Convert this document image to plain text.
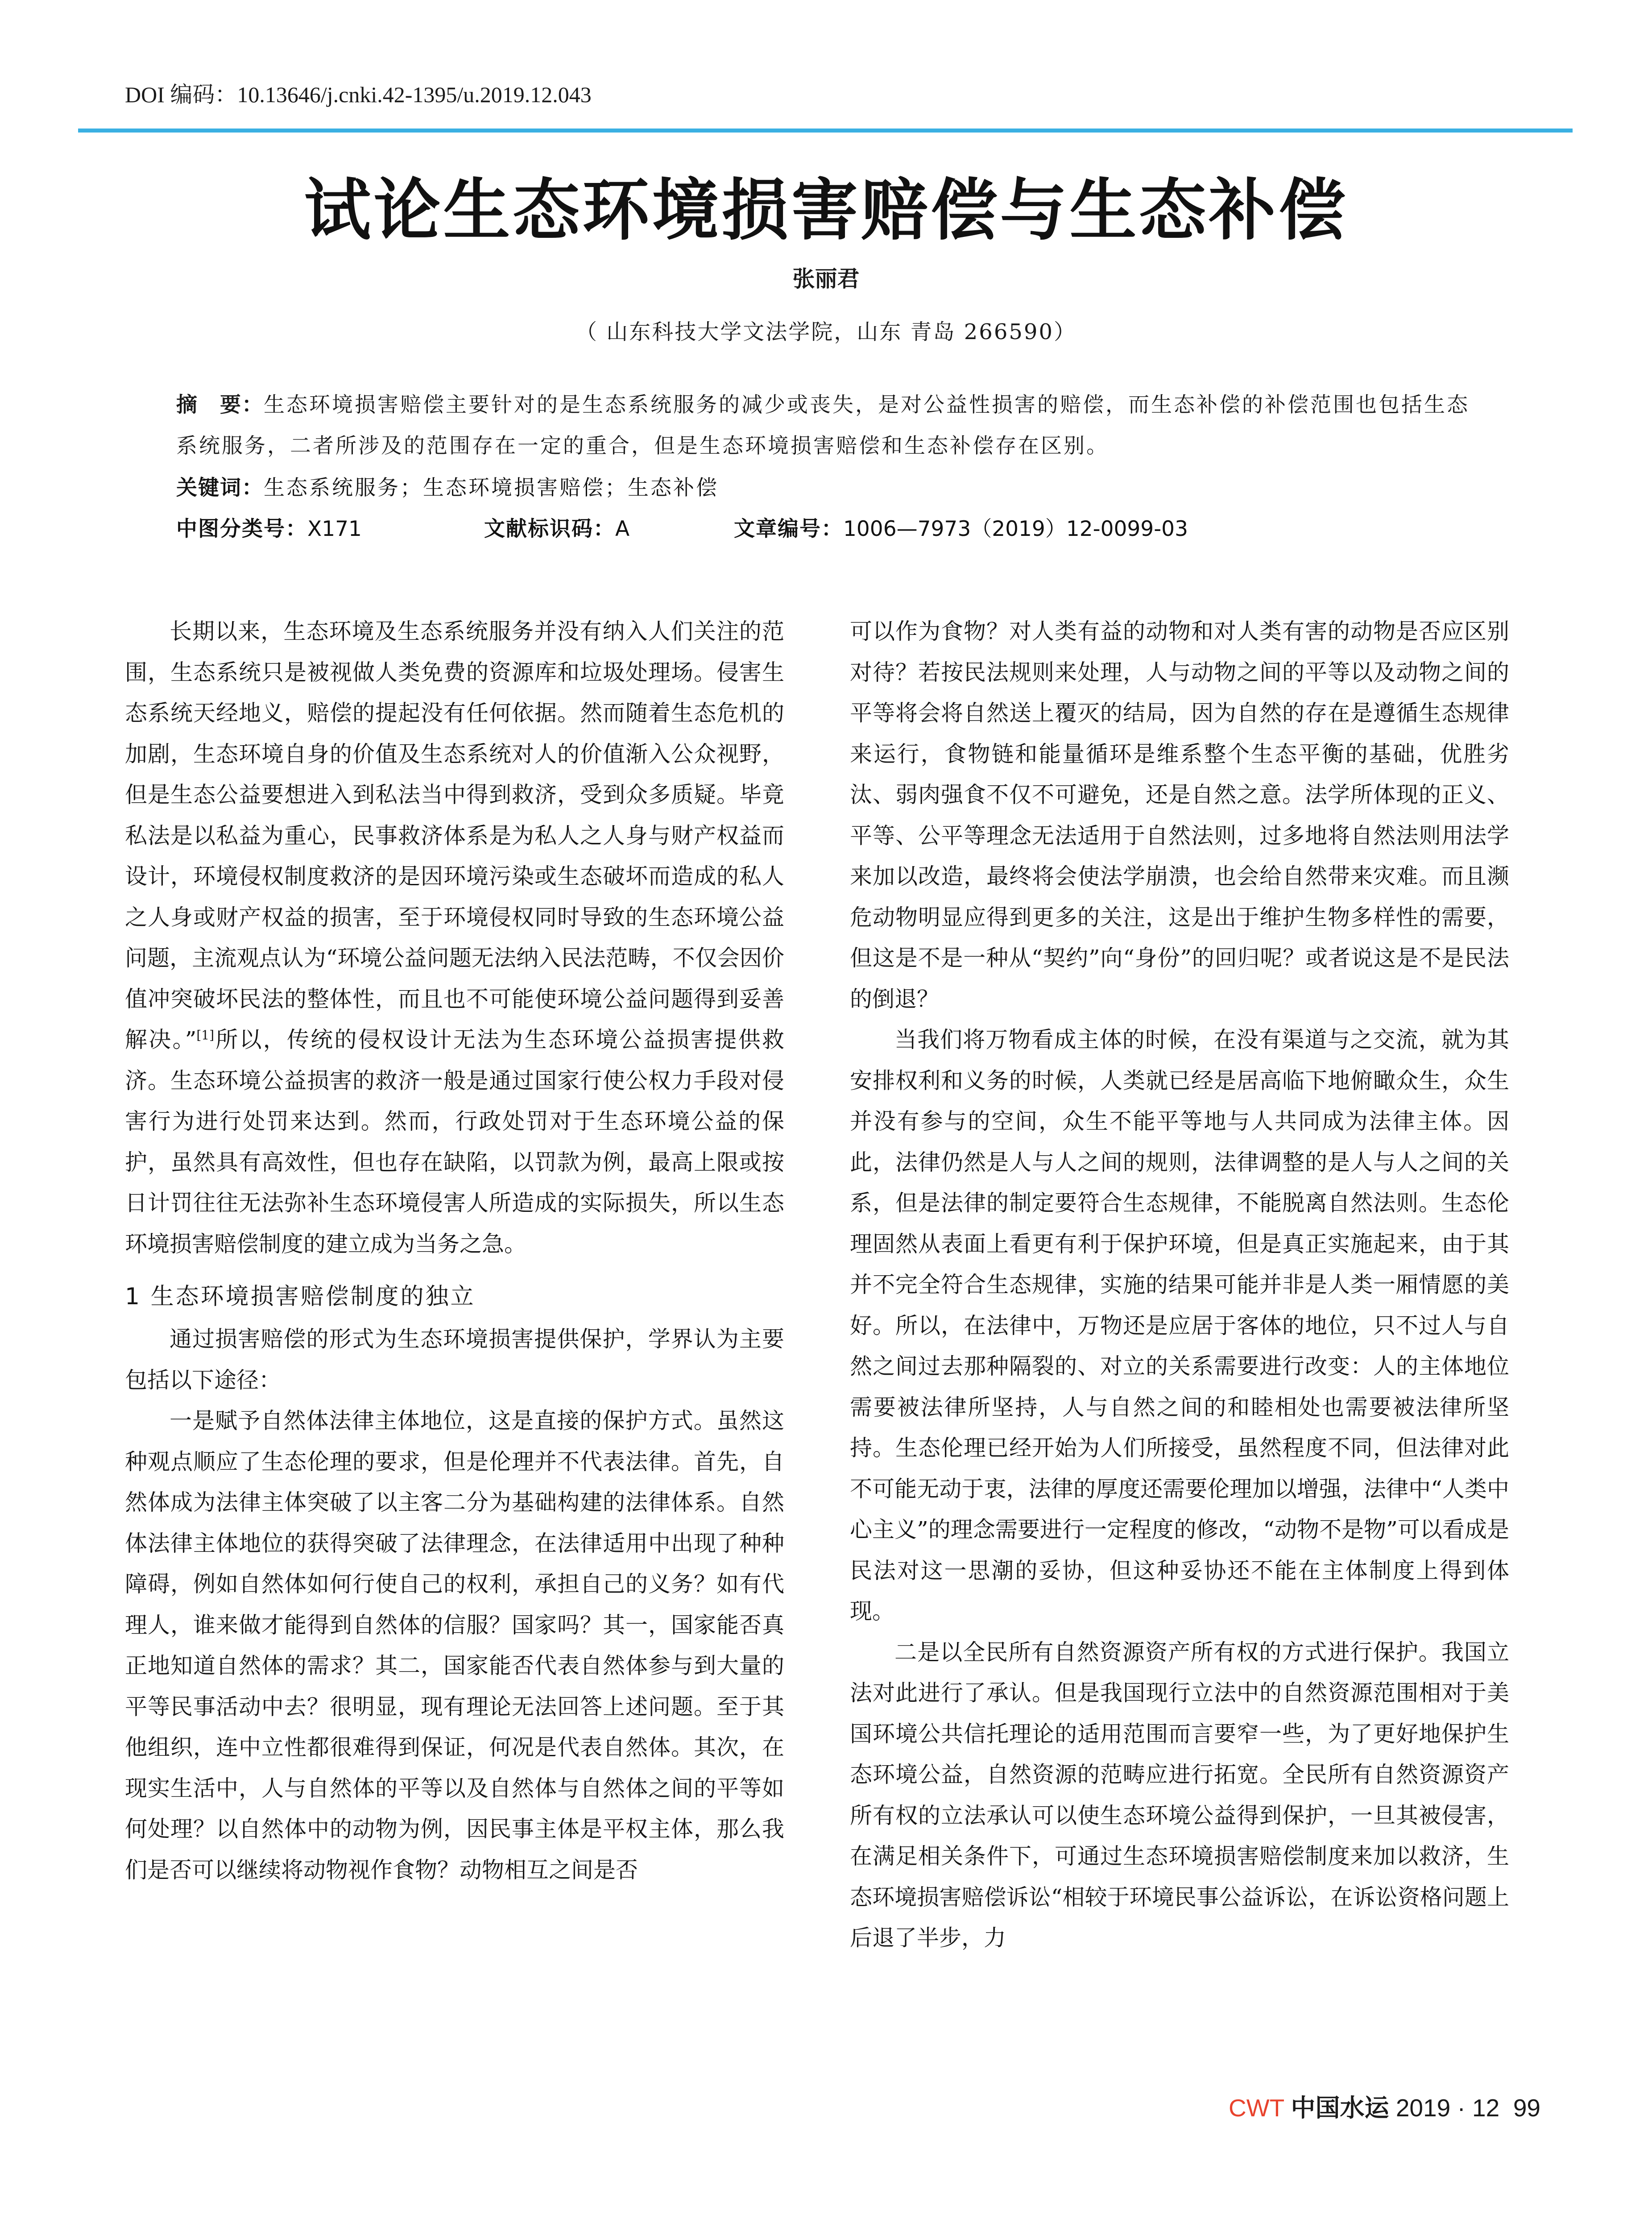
DOI 编码：10.13646/j.cnki.42-1395/u.2019.12.043
试论生态环境损害赔偿与生态补偿
张丽君
（ 山东科技大学文法学院，山东 青岛 266590）

摘　要：生态环境损害赔偿主要针对的是生态系统服务的减少或丧失，是对公益性损害的赔偿，而生态补偿的补偿范围也包括生态系统服务，二者所涉及的范围存在一定的重合，但是生态环境损害赔偿和生态补偿存在区别。

关键词：生态系统服务；生态环境损害赔偿；生态补偿

中图分类号：X171	文献标识码：A	文章编号：1006—7973（2019）12-0099-03

长期以来，生态环境及生态系统服务并没有纳入人们关注的范围，生态系统只是被视做人类免费的资源库和垃圾处理场。侵害生态系统天经地义，赔偿的提起没有任何依据。然而随着生态危机的加剧，生态环境自身的价值及生态系统对人的价值渐入公众视野，但是生态公益要想进入到私法当中得到救济，受到众多质疑。毕竟私法是以私益为重心，民事救济体系是为私人之人身与财产权益而设计，环境侵权制度救济的是因环境污染或生态破坏而造成的私人之人身或财产权益的损害，至于环境侵权同时导致的生态环境公益问题，主流观点认为“环境公益问题无法纳入民法范畴，不仅会因价值冲突破坏民法的整体性，而且也不可能使环境公益问题得到妥善解决。”[1]所以，传统的侵权设计无法为生态环境公益损害提供救济。生态环境公益损害的救济一般是通过国家行使公权力手段对侵害行为进行处罚来达到。然而，行政处罚对于生态环境公益的保护，虽然具有高效性，但也存在缺陷，以罚款为例，最高上限或按日计罚往往无法弥补生态环境侵害人所造成的实际损失，所以生态环境损害赔偿制度的建立成为当务之急。

1 生态环境损害赔偿制度的独立

通过损害赔偿的形式为生态环境损害提供保护，学界认为主要包括以下途径：

一是赋予自然体法律主体地位，这是直接的保护方式。虽然这种观点顺应了生态伦理的要求，但是伦理并不代表法律。首先，自然体成为法律主体突破了以主客二分为基础构建的法律体系。自然体法律主体地位的获得突破了法律理念，在法律适用中出现了种种障碍，例如自然体如何行使自己的权利，承担自己的义务？如有代理人，谁来做才能得到自然体的信服？国家吗？其一，国家能否真正地知道自然体的需求？其二，国家能否代表自然体参与到大量的平等民事活动中去？很明显，现有理论无法回答上述问题。至于其他组织，连中立性都很难得到保证，何况是代表自然体。其次，在现实生活中，人与自然体的平等以及自然体与自然体之间的平等如何处理？以自然体中的动物为例，因民事主体是平权主体，那么我们是否可以继续将动物视作食物？动物相互之间是否

可以作为食物？对人类有益的动物和对人类有害的动物是否应区别对待？若按民法规则来处理，人与动物之间的平等以及动物之间的平等将会将自然送上覆灭的结局，因为自然的存在是遵循生态规律来运行，食物链和能量循环是维系整个生态平衡的基础，优胜劣汰、弱肉强食不仅不可避免，还是自然之意。法学所体现的正义、平等、公平等理念无法适用于自然法则，过多地将自然法则用法学来加以改造，最终将会使法学崩溃，也会给自然带来灾难。而且濒危动物明显应得到更多的关注，这是出于维护生物多样性的需要，但这是不是一种从“契约”向“身份”的回归呢？或者说这是不是民法的倒退？

当我们将万物看成主体的时候，在没有渠道与之交流，就为其安排权利和义务的时候，人类就已经是居高临下地俯瞰众生，众生并没有参与的空间，众生不能平等地与人共同成为法律主体。因此，法律仍然是人与人之间的规则，法律调整的是人与人之间的关系，但是法律的制定要符合生态规律，不能脱离自然法则。生态伦理固然从表面上看更有利于保护环境，但是真正实施起来，由于其并不完全符合生态规律，实施的结果可能并非是人类一厢情愿的美好。所以，在法律中，万物还是应居于客体的地位，只不过人与自然之间过去那种隔裂的、对立的关系需要进行改变：人的主体地位需要被法律所坚持，人与自然之间的和睦相处也需要被法律所坚持。生态伦理已经开始为人们所接受，虽然程度不同，但法律对此不可能无动于衷，法律的厚度还需要伦理加以增强，法律中“人类中心主义”的理念需要进行一定程度的修改，“动物不是物”可以看成是民法对这一思潮的妥协，但这种妥协还不能在主体制度上得到体现。

二是以全民所有自然资源资产所有权的方式进行保护。我国立法对此进行了承认。但是我国现行立法中的自然资源范围相对于美国环境公共信托理论的适用范围而言要窄一些，为了更好地保护生态环境公益，自然资源的范畴应进行拓宽。全民所有自然资源资产所有权的立法承认可以使生态环境公益得到保护，一旦其被侵害，在满足相关条件下，可通过生态环境损害赔偿制度来加以救济，生态环境损害赔偿诉讼“相较于环境民事公益诉讼，在诉讼资格问题上后退了半步，力

CWT 中国水运 2019 · 12 99
